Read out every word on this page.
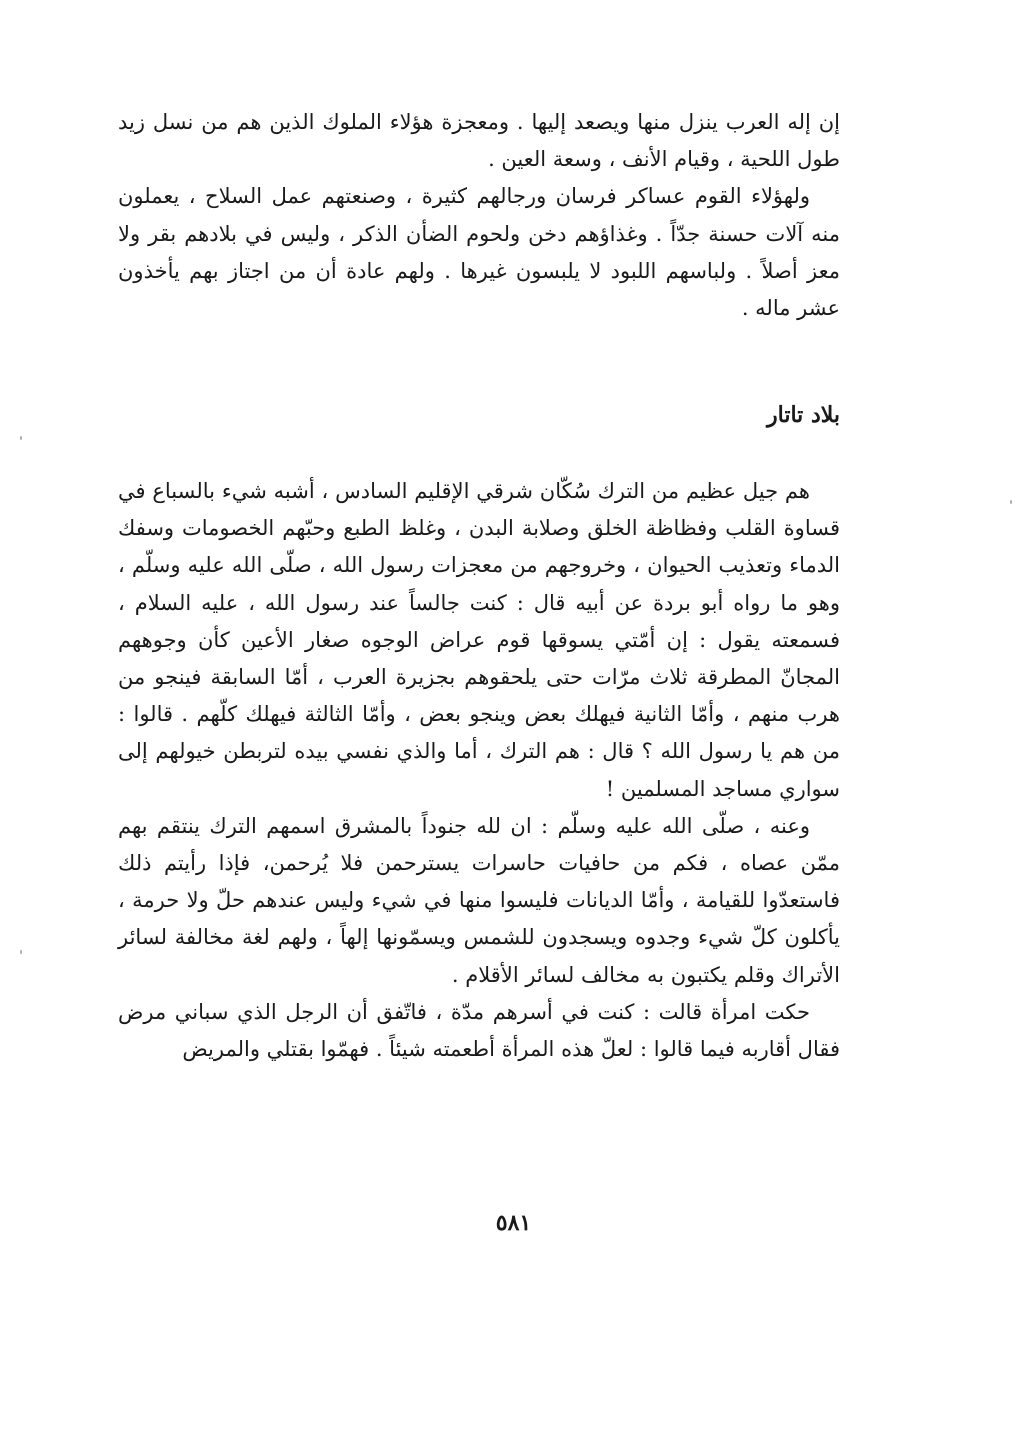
إن إله العرب ينزل منها ويصعد إليها . ومعجزة هؤلاء الملوك الذين هم من نسل زيد طول اللحية ، وقيام الأنف ، وسعة العين .

ولهؤلاء القوم عساكر فرسان ورجالهم كثيرة ، وصنعتهم عمل السلاح ، يعملون منه آلات حسنة جدّاً . وغذاؤهم دخن ولحوم الضأن الذكر ، وليس في بلادهم بقر ولا معز أصلاً . ولباسهم اللبود لا يلبسون غيرها . ولهم عادة أن من اجتاز بهم يأخذون عشر ماله .

بلاد تاتار

هم جيل عظيم من الترك سُكّان شرقي الإقليم السادس ، أشبه شيء بالسباع في قساوة القلب وفظاظة الخلق وصلابة البدن ، وغلظ الطبع وحبّهم الخصومات وسفك الدماء وتعذيب الحيوان ، وخروجهم من معجزات رسول الله ، صلّى الله عليه وسلّم ، وهو ما رواه أبو بردة عن أبيه قال : كنت جالساً عند رسول الله ، عليه السلام ، فسمعته يقول : إن أمّتي يسوقها قوم عراض الوجوه صغار الأعين كأن وجوههم المجانّ المطرقة ثلاث مرّات حتى يلحقوهم بجزيرة العرب ، أمّا السابقة فينجو من هرب منهم ، وأمّا الثانية فيهلك بعض وينجو بعض ، وأمّا الثالثة فيهلك كلّهم . قالوا : من هم يا رسول الله ؟ قال : هم الترك ، أما والذي نفسي بيده لتربطن خيولهم إلى سواري مساجد المسلمين !

وعنه ، صلّى الله عليه وسلّم : ان لله جنوداً بالمشرق اسمهم الترك ينتقم بهم ممّن عصاه ، فكم من حافيات حاسرات يسترحمن فلا يُرحمن، فإذا رأيتم ذلك فاستعدّوا للقيامة ، وأمّا الديانات فليسوا منها في شيء وليس عندهم حلّ ولا حرمة ، يأكلون كلّ شيء وجدوه ويسجدون للشمس ويسمّونها إلهاً ، ولهم لغة مخالفة لسائر الأتراك وقلم يكتبون به مخالف لسائر الأقلام .

حكت امرأة قالت : كنت في أسرهم مدّة ، فاتّفق أن الرجل الذي سباني مرض فقال أقاربه فيما قالوا : لعلّ هذه المرأة أطعمته شيئاً . فهمّوا بقتلي والمريض

٥٨١
